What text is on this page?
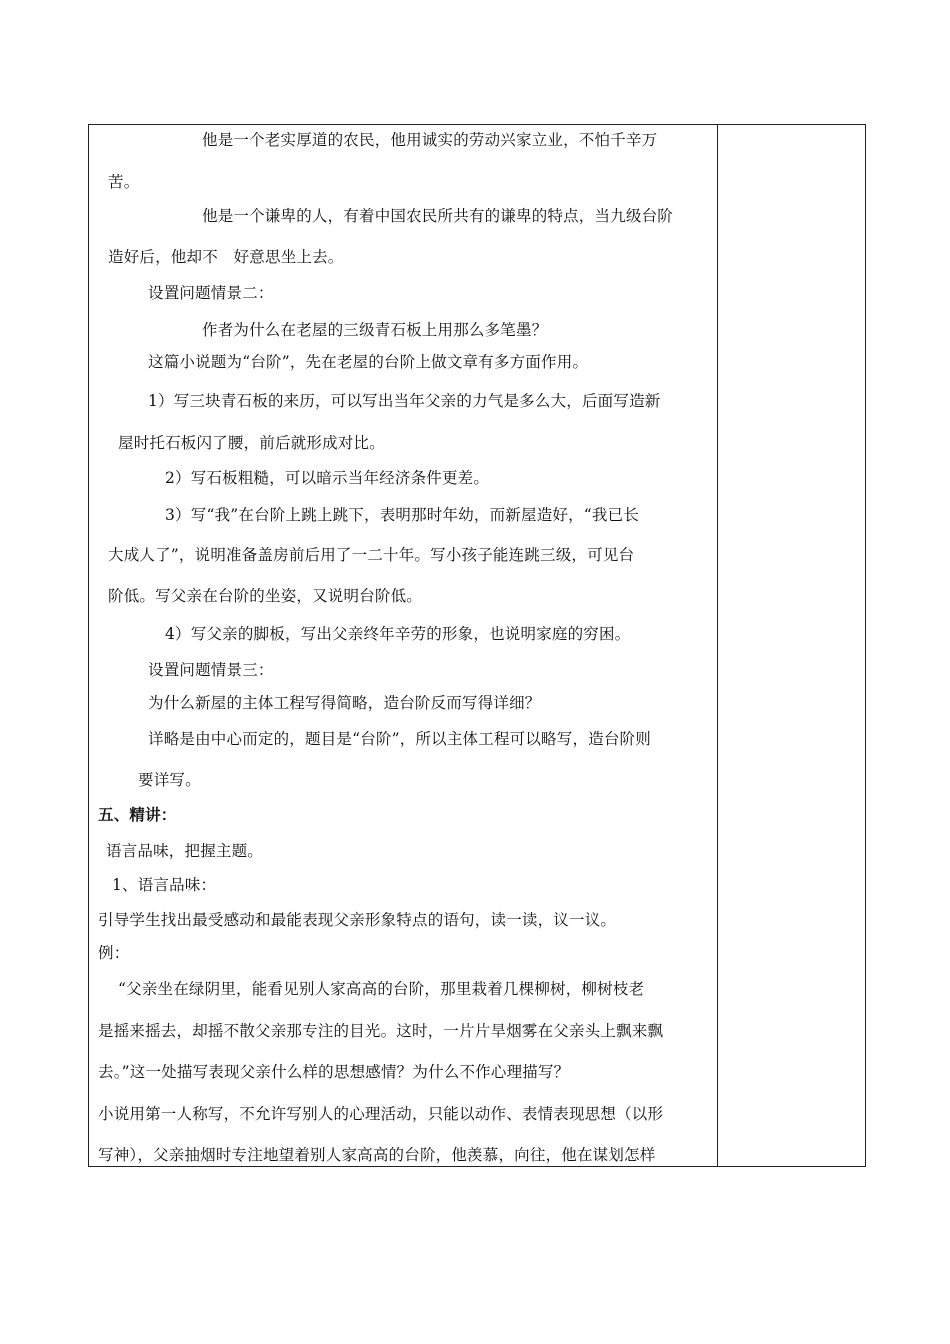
他是一个老实厚道的农民，他用诚实的劳动兴家立业，不怕千辛万
苦。
他是一个谦卑的人，有着中国农民所共有的谦卑的特点，当九级台阶
造好后，他却不　好意思坐上去。
设置问题情景二：
作者为什么在老屋的三级青石板上用那么多笔墨？
这篇小说题为“台阶”，先在老屋的台阶上做文章有多方面作用。
1）写三块青石板的来历，可以写出当年父亲的力气是多么大，后面写造新
屋时托石板闪了腰，前后就形成对比。
2）写石板粗糙，可以暗示当年经济条件更差。
3）写“我”在台阶上跳上跳下，表明那时年幼，而新屋造好，“我已长
大成人了”，说明准备盖房前后用了一二十年。写小孩子能连跳三级，可见台
阶低。写父亲在台阶的坐姿，又说明台阶低。
4）写父亲的脚板，写出父亲终年辛劳的形象，也说明家庭的穷困。
设置问题情景三：
为什么新屋的主体工程写得简略，造台阶反而写得详细？
详略是由中心而定的，题目是“台阶”，所以主体工程可以略写，造台阶则
要详写。
五、精讲：
语言品味，把握主题。
1、语言品味：
引导学生找出最受感动和最能表现父亲形象特点的语句，读一读，议一议。
例：
“父亲坐在绿阴里，能看见别人家高高的台阶，那里栽着几棵柳树，柳树枝老
是摇来摇去，却摇不散父亲那专注的目光。这时，一片片旱烟雾在父亲头上飘来飘
去。”这一处描写表现父亲什么样的思想感情？为什么不作心理描写？
小说用第一人称写，不允许写别人的心理活动，只能以动作、表情表现思想（以形
写神），父亲抽烟时专注地望着别人家高高的台阶，他羡慕，向往，他在谋划怎样
